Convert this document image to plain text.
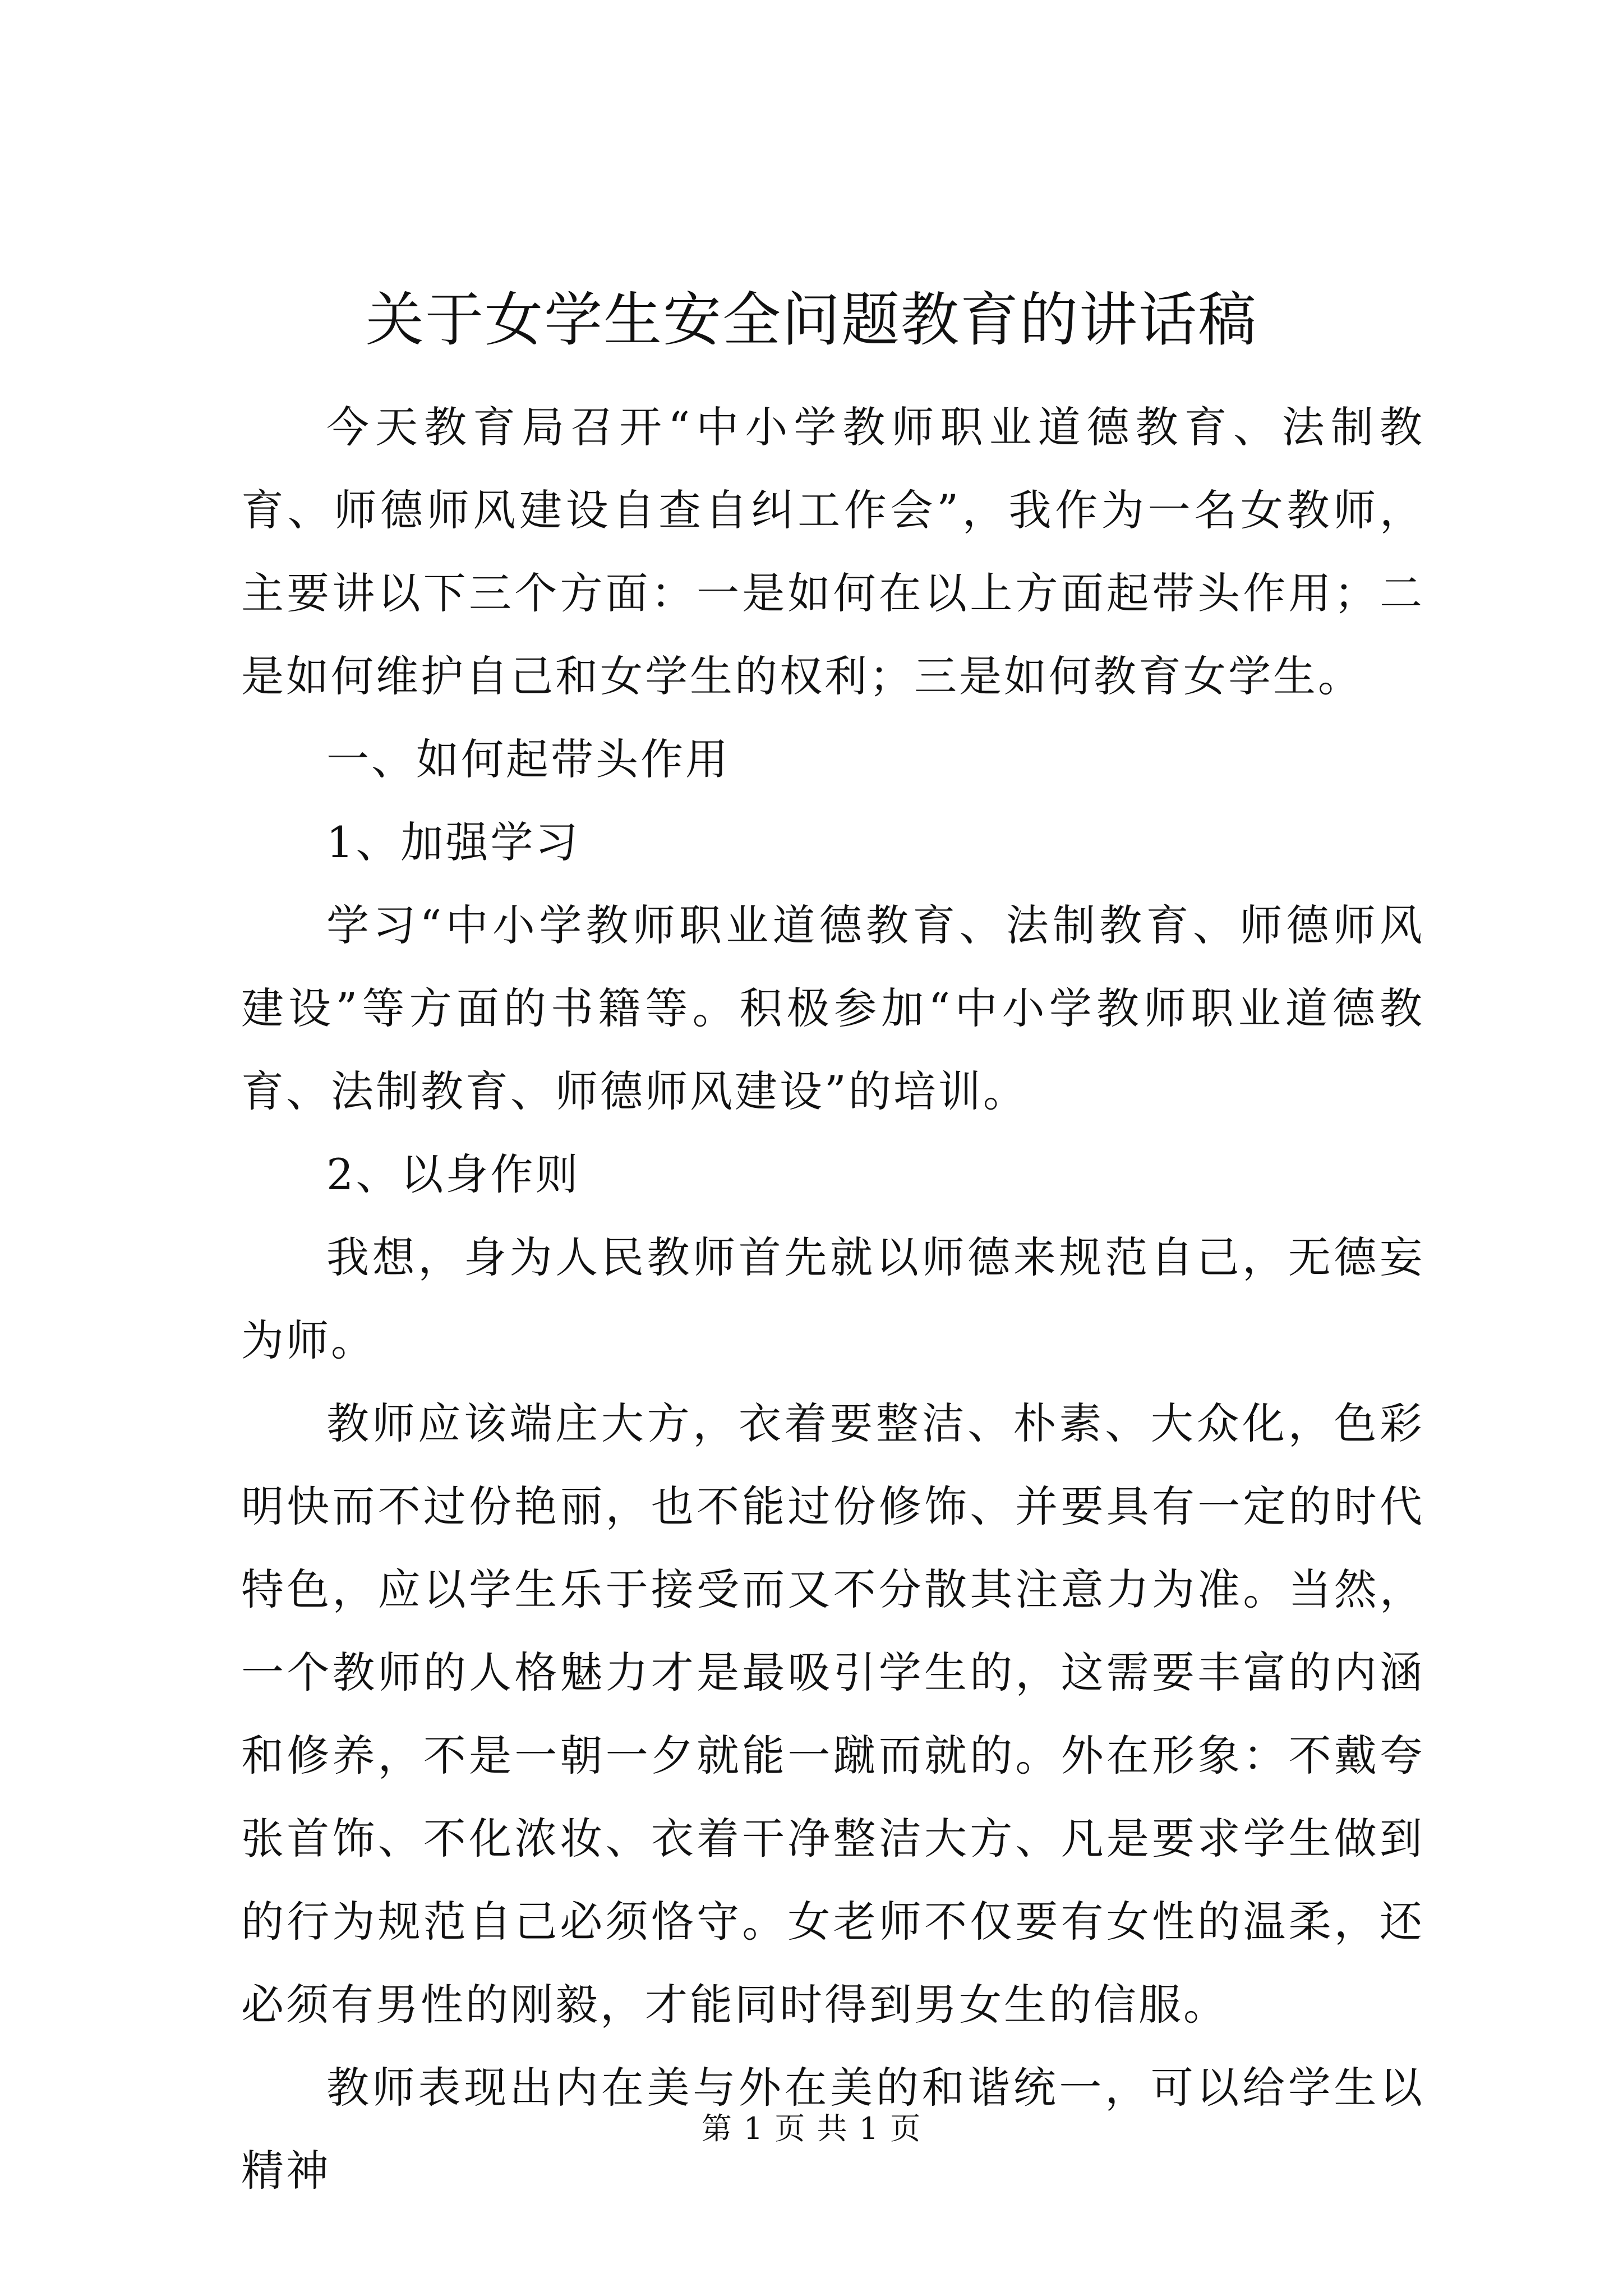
关于女学生安全问题教育的讲话稿

今天教育局召开“中小学教师职业道德教育、法制教育、师德师风建设自查自纠工作会”，我作为一名女教师，主要讲以下三个方面：一是如何在以上方面起带头作用；二是如何维护自己和女学生的权利；三是如何教育女学生。

一、如何起带头作用

1、加强学习

学习“中小学教师职业道德教育、法制教育、师德师风建设”等方面的书籍等。积极参加“中小学教师职业道德教育、法制教育、师德师风建设”的培训。

2、以身作则

我想，身为人民教师首先就以师德来规范自己，无德妄为师。

教师应该端庄大方，衣着要整洁、朴素、大众化，色彩明快而不过份艳丽，也不能过份修饰、并要具有一定的时代特色，应以学生乐于接受而又不分散其注意力为准。当然，一个教师的人格魅力才是最吸引学生的，这需要丰富的内涵和修养，不是一朝一夕就能一蹴而就的。外在形象：不戴夸张首饰、不化浓妆、衣着干净整洁大方、凡是要求学生做到的行为规范自己必须恪守。女老师不仅要有女性的温柔，还必须有男性的刚毅，才能同时得到男女生的信服。

教师表现出内在美与外在美的和谐统一，可以给学生以精神

第 1 页 共 1 页
